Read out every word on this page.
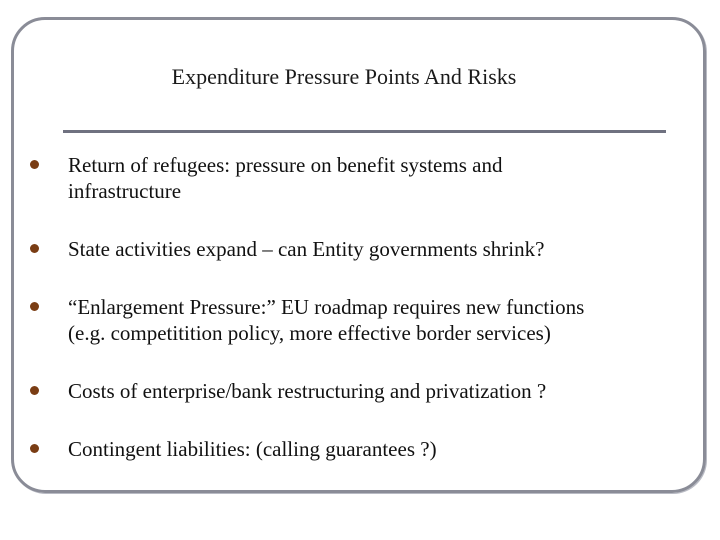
Expenditure Pressure Points And Risks
Return of refugees: pressure on benefit systems and
infrastructure
State activities expand – can Entity governments shrink?
“Enlargement Pressure:” EU roadmap requires new functions
(e.g. competitition policy, more effective border services)
Costs of enterprise/bank restructuring and privatization ?
Contingent liabilities: (calling guarantees ?)
